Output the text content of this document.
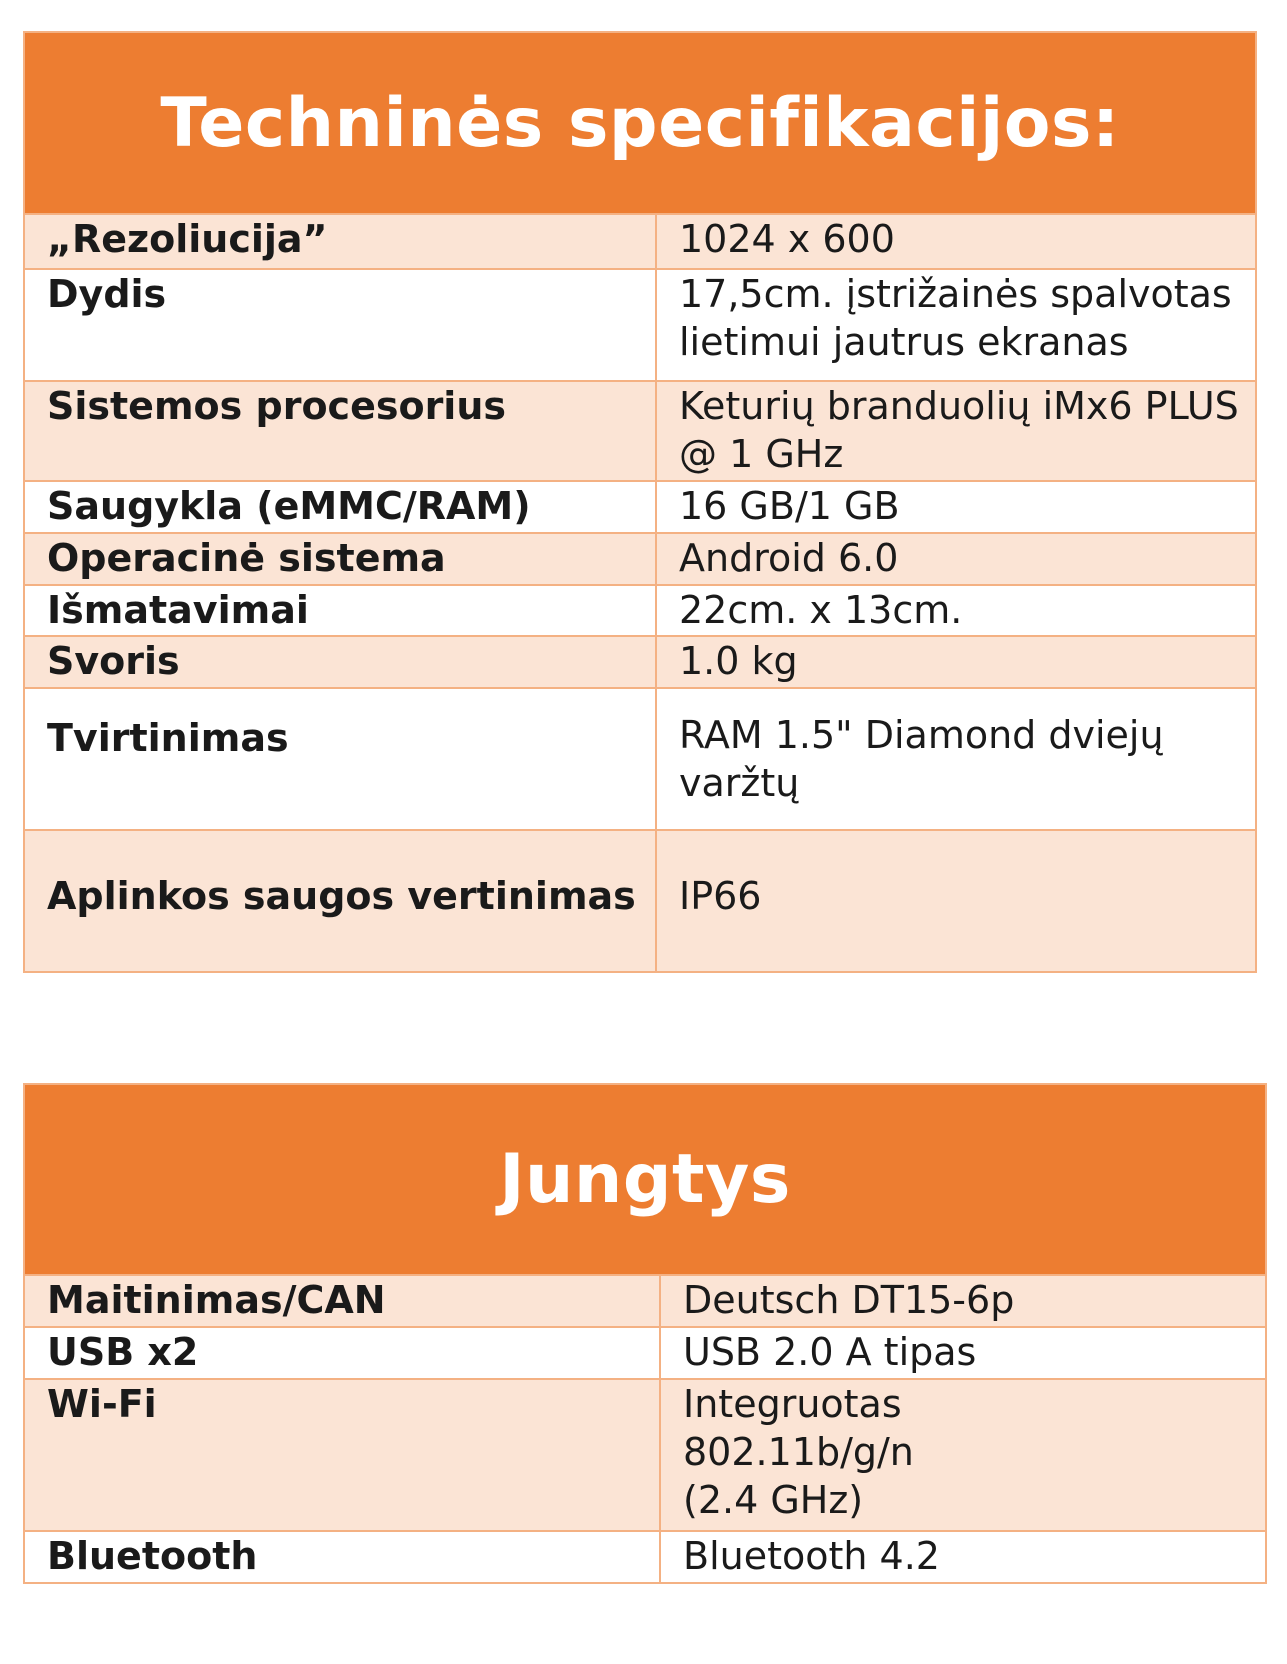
Techninės specifikacijos:	
„Rezoliucija”	1024 x 600
Dydis	17,5cm. įstrižainės spalvotas
lietimui jautrus ekranas

Sistemos procesorius	Keturių branduolių iMx6 PLUS
@ 1 GHz

Saugykla (eMMC/RAM)	16 GB/1 GB
Operacinė sistema	Android 6.0
Išmatavimai	22cm. x 13cm.
Svoris	1.0 kg
Tvirtinimas	RAM 1.5" Diamond dviejų
varžtų

Aplinkos saugos vertinimas	IP66
Jungtys	
Maitinimas/CAN	Deutsch DT15-6p
USB x2	USB 2.0 A tipas
Wi-Fi	Integruotas
802.11b/g/n
(2.4 GHz)

Bluetooth	Bluetooth 4.2
